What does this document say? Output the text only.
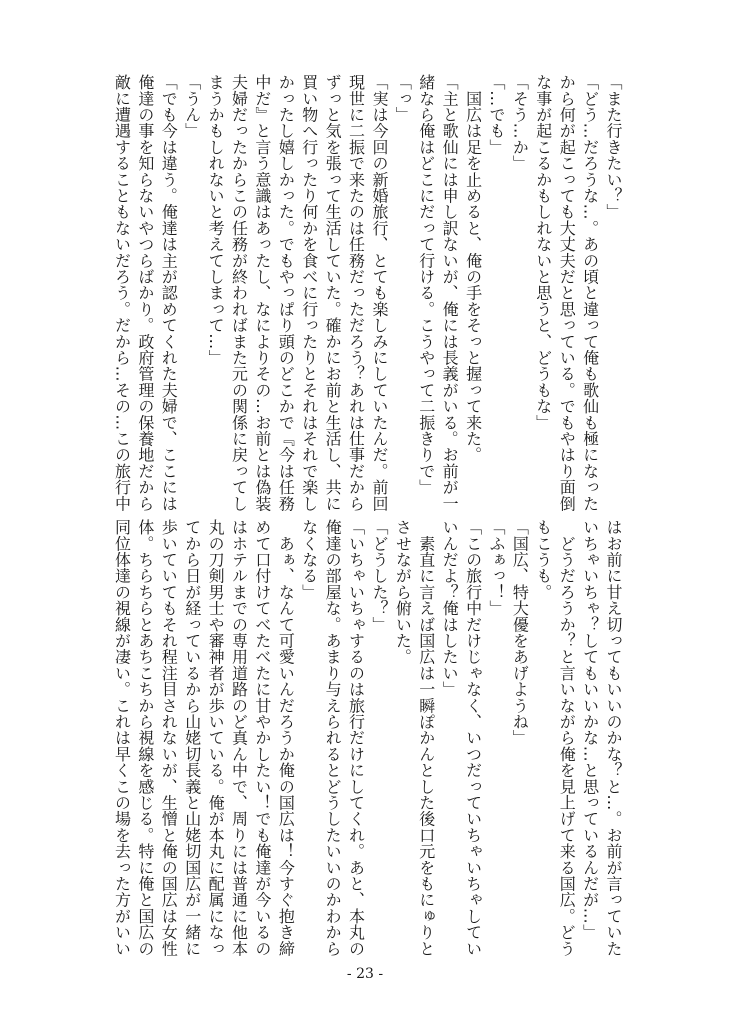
「また行きたい？」
「どう…だろうな…。あの頃と違って俺も歌仙も極になった
から何が起こっても大丈夫だと思っている。でもやはり面倒
な事が起こるかもしれないと思うと、どうもな」
「そう…か」
「…でも」
　国広は足を止めると、俺の手をそっと握って来た。
「主と歌仙には申し訳ないが、俺には長義がいる。お前が一
緒なら俺はどこにだって行ける。こうやって二振きりで」
「っ」
「実は今回の新婚旅行、とても楽しみにしていたんだ。前回
現世に二振で来たのは任務だっただろう？あれは仕事だから
ずっと気を張って生活していた。確かにお前と生活し、共に
買い物へ行ったり何かを食べに行ったりとそれはそれで楽し
かったし嬉しかった。でもやっぱり頭のどこかで『今は任務
中だ』と言う意識はあったし、なによりその…お前とは偽装
夫婦だったからこの任務が終わればまた元の関係に戻ってし
まうかもしれないと考えてしまって…」
「うん」
「でも今は違う。俺達は主が認めてくれた夫婦で、ここには
俺達の事を知らないやつらばかり。政府管理の保養地だから
敵に遭遇することもないだろう。だから…その…この旅行中
はお前に甘え切ってもいいのかな？と…。お前が言っていた
いちゃいちゃ？してもいいかな…と思っているんだが…」
　どうだろうか？と言いながら俺を見上げて来る国広。どう
もこうも。
「国広、特大優をあげようね」
「ふぁっ！」
「この旅行中だけじゃなく、いつだっていちゃいちゃしてい
いんだよ？俺はしたい」
　素直に言えば国広は一瞬ぽかんとした後口元をもにゅりと
させながら俯いた。
「どうした？」
「いちゃいちゃするのは旅行だけにしてくれ。あと、本丸の
俺達の部屋な。あまり与えられるとどうしたいいのかわから
なくなる」
　あぁ、なんて可愛いんだろうか俺の国広は！今すぐ抱き締
めて口付けてべたべたに甘やかしたい！でも俺達が今いるの
はホテルまでの専用道路のど真ん中で、周りには普通に他本
丸の刀剣男士や審神者が歩いている。俺が本丸に配属になっ
てから日が経っているから山姥切長義と山姥切国広が一緒に
歩いていてもそれ程注目されないが、生憎と俺の国広は女性
体。ちらちらとあちこちから視線を感じる。特に俺と国広の
同位体達の視線が凄い。これは早くこの場を去った方がいい
- 23 -
